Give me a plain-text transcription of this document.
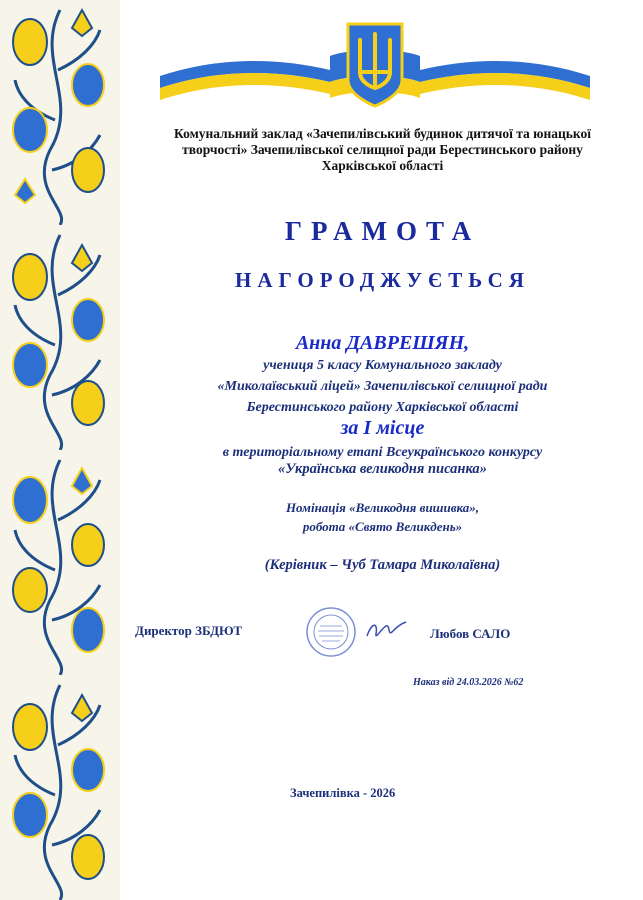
Комунальний заклад «Зачепилівський будинок дитячої та юнацької
творчості» Зачепилівської селищної ради Берестинського району
Харківської області
ГРАМОТА
НАГОРОДЖУЄТЬСЯ
Анна ДАВРЕШЯН,
учениця 5 класу Комунального закладу
«Миколаївський ліцей» Зачепилівської селищної ради
Берестинського району Харківської області
за І місце
в територіальному етапі Всеукраїнського конкурсу
«Українська великодня писанка»
Номінація «Великодня вишивка»,
робота «Свято Великдень»
(Керівник – Чуб Тамара Миколаївна)
Директор ЗБДЮТ	Любов САЛО
Наказ від 24.03.2026 №62
Зачепилівка - 2026
